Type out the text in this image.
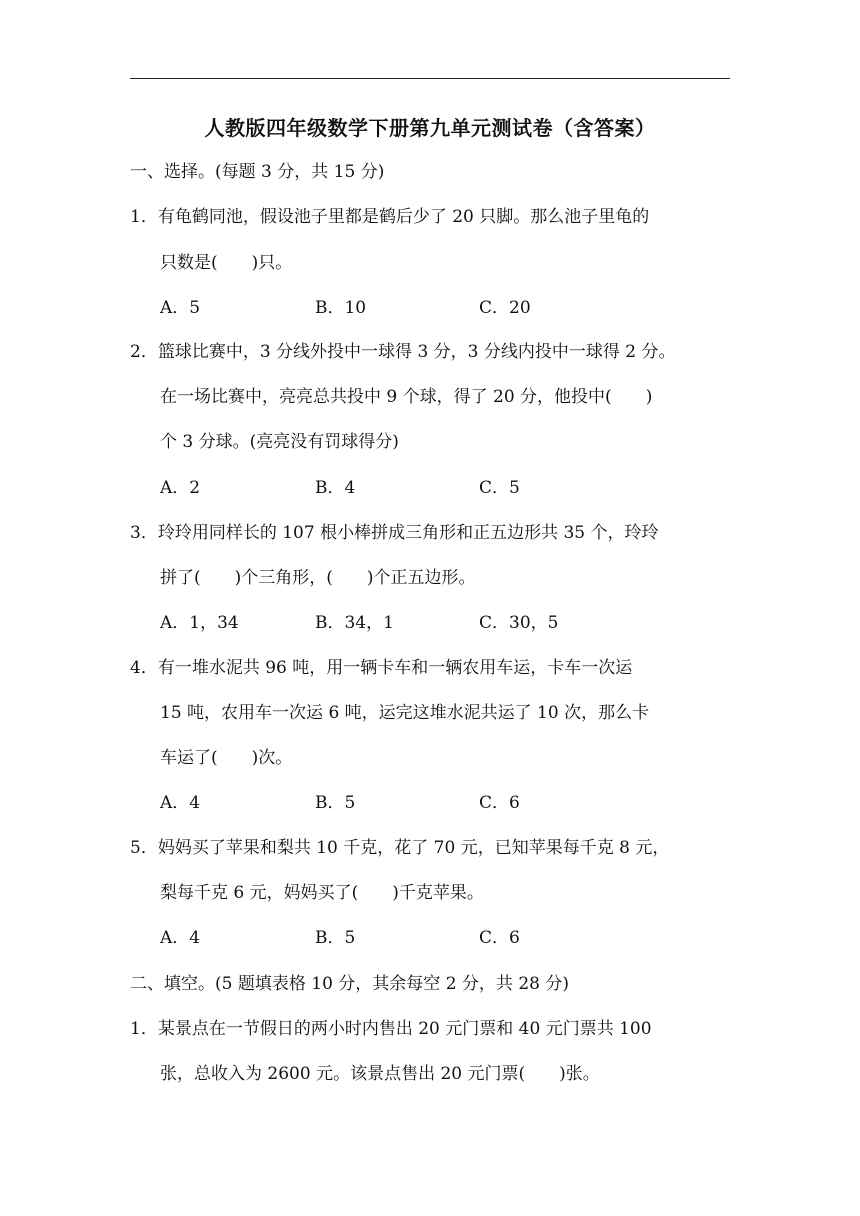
人教版四年级数学下册第九单元测试卷（含答案）
一、选择。(每题 3 分，共 15 分)
1．有龟鹤同池，假设池子里都是鹤后少了 20 只脚。那么池子里龟的
只数是(　　)只。
A．5	B．10	C．20
2．篮球比赛中，3 分线外投中一球得 3 分，3 分线内投中一球得 2 分。
在一场比赛中，亮亮总共投中 9 个球，得了 20 分，他投中(　　)
个 3 分球。(亮亮没有罚球得分)
A．2	B．4	C．5
3．玲玲用同样长的 107 根小棒拼成三角形和正五边形共 35 个，玲玲
拼了(　　)个三角形，(　　)个正五边形。
A．1，34	B．34，1	C．30，5
4．有一堆水泥共 96 吨，用一辆卡车和一辆农用车运，卡车一次运
15 吨，农用车一次运 6 吨，运完这堆水泥共运了 10 次，那么卡
车运了(　　)次。
A．4	B．5	C．6
5．妈妈买了苹果和梨共 10 千克，花了 70 元，已知苹果每千克 8 元，
梨每千克 6 元，妈妈买了(　　)千克苹果。
A．4	B．5	C．6
二、填空。(5 题填表格 10 分，其余每空 2 分，共 28 分)
1．某景点在一节假日的两小时内售出 20 元门票和 40 元门票共 100
张，总收入为 2600 元。该景点售出 20 元门票(　　)张。
